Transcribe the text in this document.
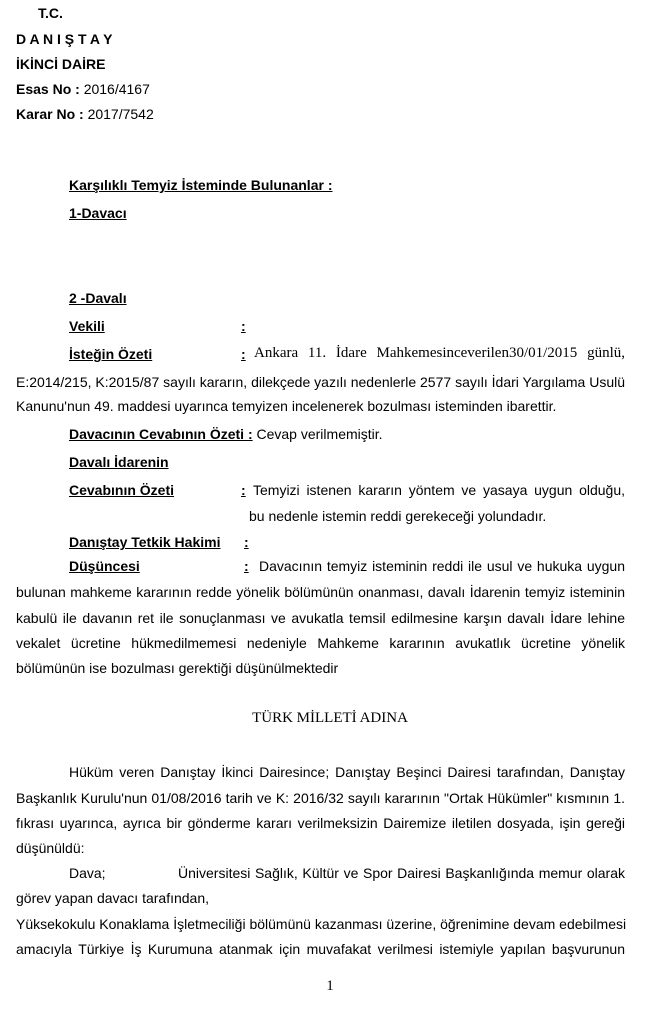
T.C.
D A N I Ş T A Y
İKİNCİ DAİRE
Esas No : 2016/4167
Karar No : 2017/7542
Karşılıklı Temyiz İsteminde Bulunanlar :
1-Davacı
2 -Davalı
Vekili	:
İsteğin Özeti	: Ankara 11. İdare Mahkemesinceverilen30/01/2015 günlü,
E:2014/215, K:2015/87 sayılı kararın, dilekçede yazılı nedenlerle 2577 sayılı İdari Yargılama Usulü
Kanunu'nun 49. maddesi uyarınca temyizen incelenerek bozulması isteminden ibarettir.
Davacının Cevabının Özeti : Cevap verilmemiştir.
Davalı İdarenin
Cevabının Özeti	: Temyizi istenen kararın yöntem ve yasaya uygun olduğu,
bu nedenle istemin reddi gerekeceği yolundadır.
Danıştay Tetkik Hakimi :
Düşüncesi	: Davacının temyiz isteminin reddi ile usul ve hukuka uygun
bulunan mahkeme kararının redde yönelik bölümünün onanması, davalı İdarenin temyiz isteminin
kabulü ile davanın ret ile sonuçlanması ve avukatla temsil edilmesine karşın davalı İdare lehine
vekalet ücretine hükmedilmemesi nedeniyle Mahkeme kararının avukatlık ücretine yönelik
bölümünün ise bozulması gerektiği düşünülmektedir
TÜRK MİLLETİ ADINA
Hüküm veren Danıştay İkinci Dairesince; Danıştay Beşinci Dairesi tarafından, Danıştay
Başkanlık Kurulu'nun 01/08/2016 tarih ve K: 2016/32 sayılı kararının "Ortak Hükümler" kısmının 1.
fıkrası uyarınca, ayrıca bir gönderme kararı verilmeksizin Dairemize iletilen dosyada, işin gereği
düşünüldü:
Dava;	Üniversitesi Sağlık, Kültür ve Spor Dairesi Başkanlığında memur olarak
görev yapan davacı tarafından,
Yüksekokulu Konaklama İşletmeciliği bölümünü kazanması üzerine, öğrenimine devam edebilmesi
amacıyla Türkiye İş Kurumuna atanmak için muvafakat verilmesi istemiyle yapılan başvurunun
1
